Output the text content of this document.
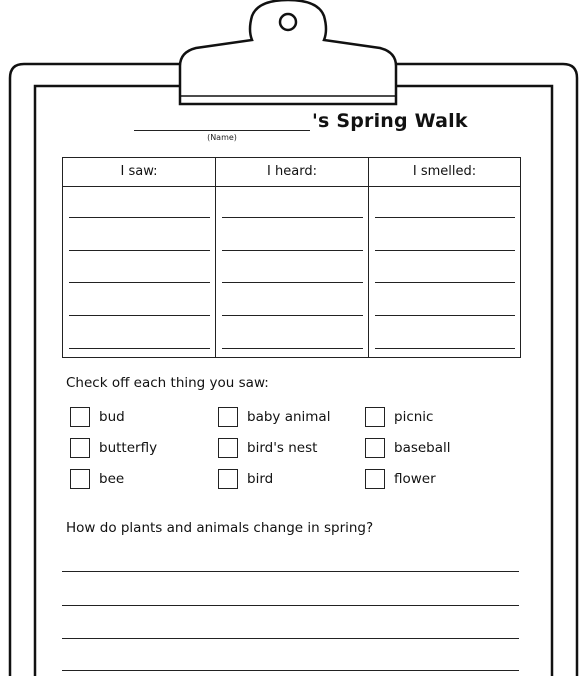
(Name)
's Spring Walk
I saw:	I heard:	I smelled:
Check off each thing you saw:
bud	baby animal	picnic
butterfly	bird's nest	baseball
bee	bird	flower
How do plants and animals change in spring?
